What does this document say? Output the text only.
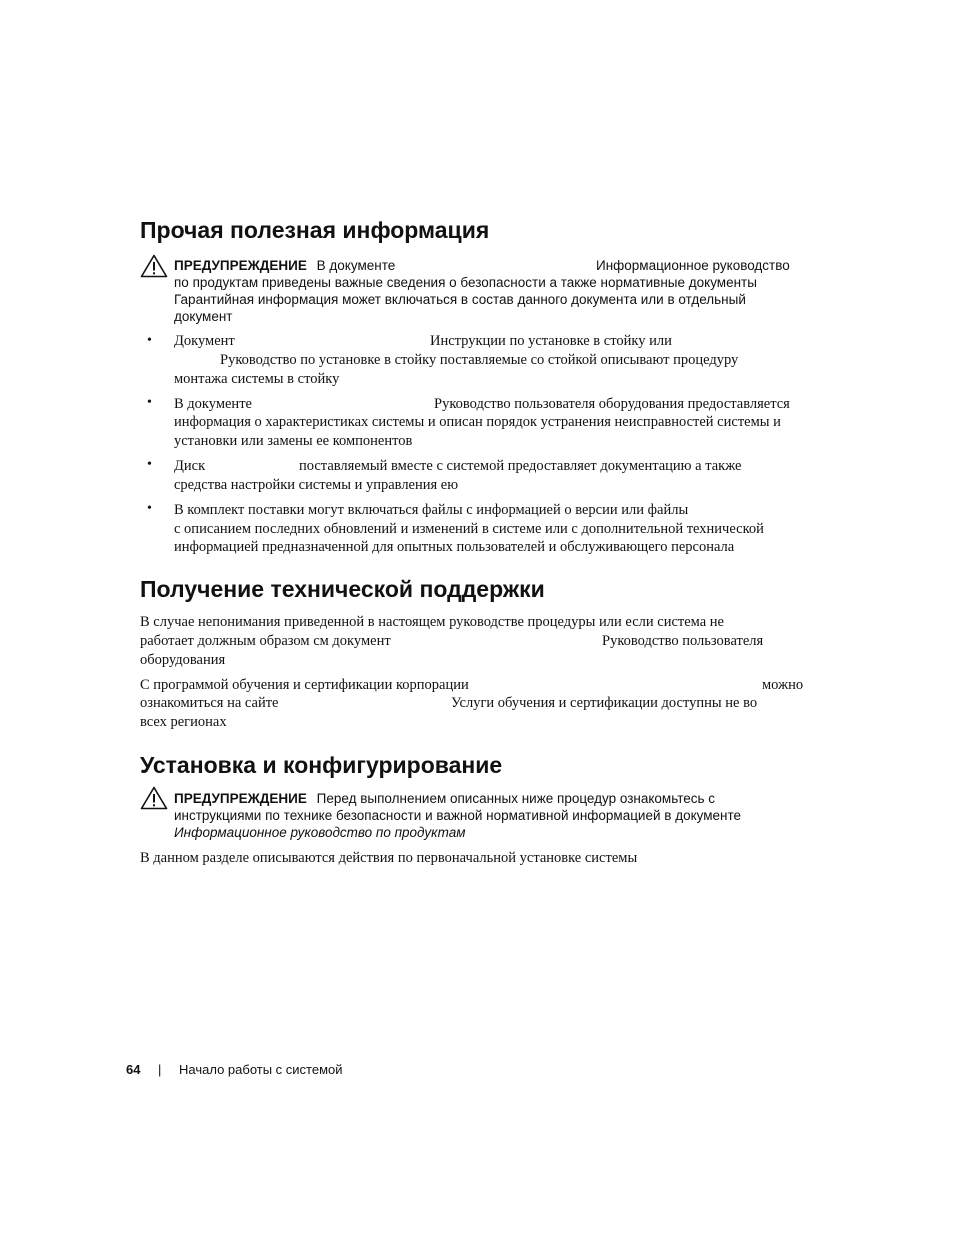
Прочая полезная информация
ПРЕДУПРЕЖДЕНИЕ В документе	Информационное руководство
по продуктам приведены важные сведения о безопасности а также нормативные документы
Гарантийная информация может включаться в состав данного документа или в отдельный
документ
• Документ	Инструкции по установке в стойку или
Руководство по установке в стойку поставляемые со стойкой описывают процедуру
монтажа системы в стойку
• В документе	Руководство пользователя оборудования предоставляется
информация о характеристиках системы и описан порядок устранения неисправностей системы и
установки или замены ее компонентов
• Диск	поставляемый вместе с системой предоставляет документацию а также
средства настройки системы и управления ею
• В комплект поставки могут включаться файлы с информацией о версии или файлы
с описанием последних обновлений и изменений в системе или с дополнительной технической
информацией предназначенной для опытных пользователей и обслуживающего персонала
Получение технической поддержки
В случае непонимания приведенной в настоящем руководстве процедуры или если система не
работает должным образом см документ	Руководство пользователя
оборудования
С программой обучения и сертификации корпорации	можно
ознакомиться на сайте	Услуги обучения и сертификации доступны не во
всех регионах
Установка и конфигурирование
ПРЕДУПРЕЖДЕНИЕ Перед выполнением описанных ниже процедур ознакомьтесь с
инструкциями по технике безопасности и важной нормативной информацией в документе
Информационное руководство по продуктам
В данном разделе описываются действия по первоначальной установке системы
64 | Начало работы с системой
